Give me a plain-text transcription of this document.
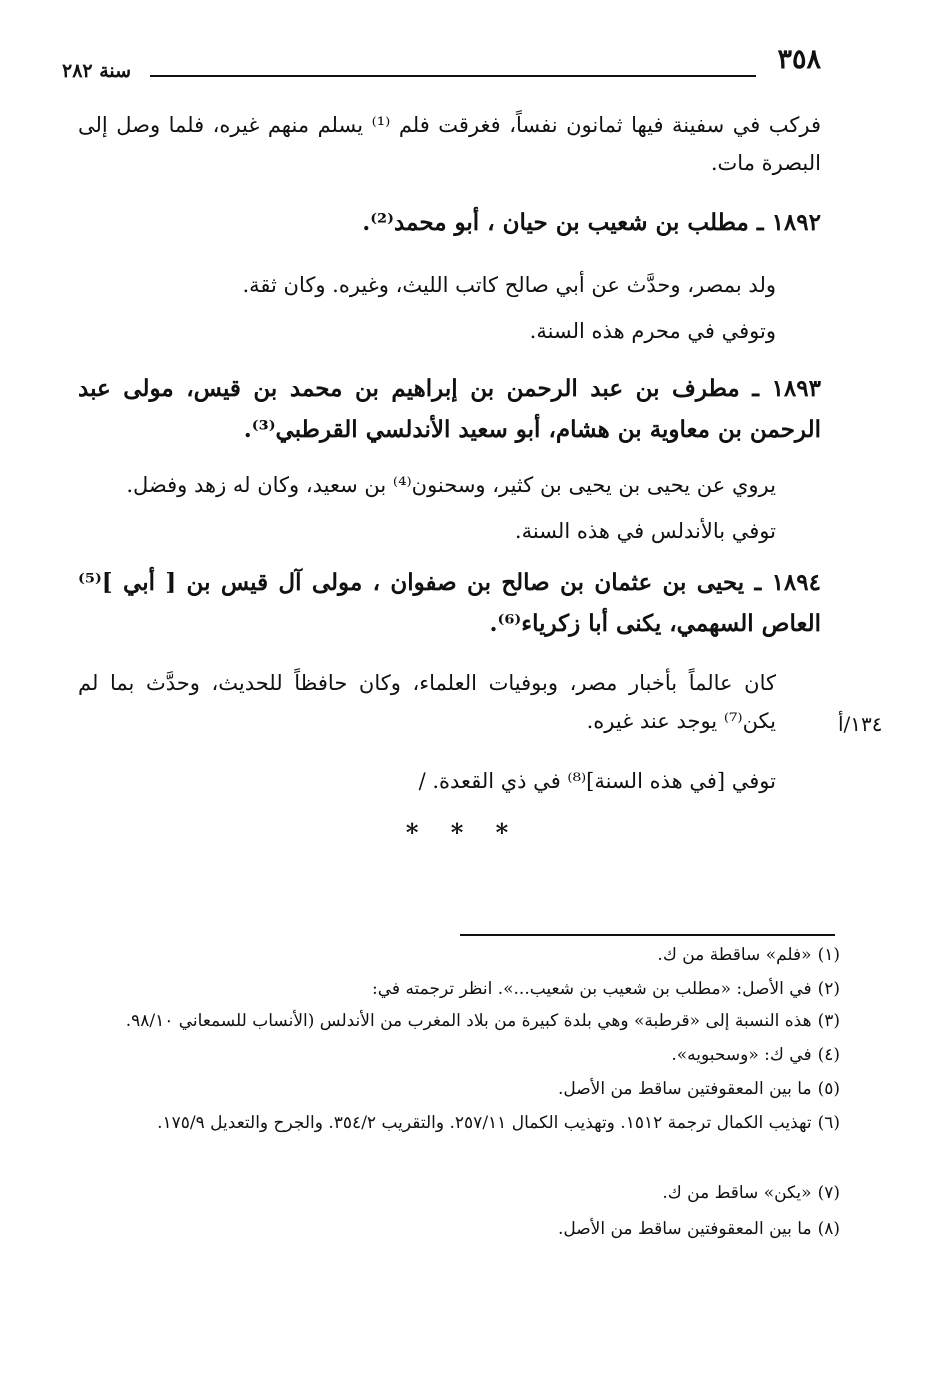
٣٥٨
سنة ٢٨٢
فركب في سفينة فيها ثمانون نفساً، فغرقت فلم ⁽¹⁾ يسلم منهم غيره، فلما وصل إلى البصرة مات.
١٨٩٢ ـ مطلب بن شعيب بن حيان ، أبو محمد⁽²⁾.
ولد بمصر، وحدَّث عن أبي صالح كاتب الليث، وغيره. وكان ثقة.
وتوفي في محرم هذه السنة.
١٨٩٣ ـ مطرف بن عبد الرحمن بن إبراهيم بن محمد بن قيس، مولى عبد الرحمن بن معاوية بن هشام، أبو سعيد الأندلسي القرطبي⁽³⁾.
يروي عن يحيى بن يحيى بن كثير، وسحنون⁽⁴⁾ بن سعيد، وكان له زهد وفضل.
توفي بالأندلس في هذه السنة.
١٨٩٤ ـ يحيى بن عثمان بن صالح بن صفوان ، مولى آل قيس بن [ أبي ]⁽⁵⁾ العاص السهمي، يكنى أبا زكرياء⁽⁶⁾.
كان عالماً بأخبار مصر، وبوفيات العلماء، وكان حافظاً للحديث، وحدَّث بما لم يكن⁽⁷⁾ يوجد عند غيره.	١٣٤/أ
توفي [في هذه السنة]⁽⁸⁾ في ذي القعدة. /
* * *
(١)«فلم» ساقطة من ك.
(٢)في الأصل: «مطلب بن شعيب بن شعيب...». انظر ترجمته في:
(٣)هذه النسبة إلى «قرطبة» وهي بلدة كبيرة من بلاد المغرب من الأندلس (الأنساب للسمعاني ٩٨/١٠.
(٤)في ك: «وسحبويه».
(٥)ما بين المعقوفتين ساقط من الأصل.
(٦)تهذيب الكمال ترجمة ١٥١٢. وتهذيب الكمال ٢٥٧/١١. والتقريب ٣٥٤/٢. والجرح والتعديل ١٧٥/٩.
(٧)«يكن» ساقط من ك.
(٨)ما بين المعقوفتين ساقط من الأصل.
